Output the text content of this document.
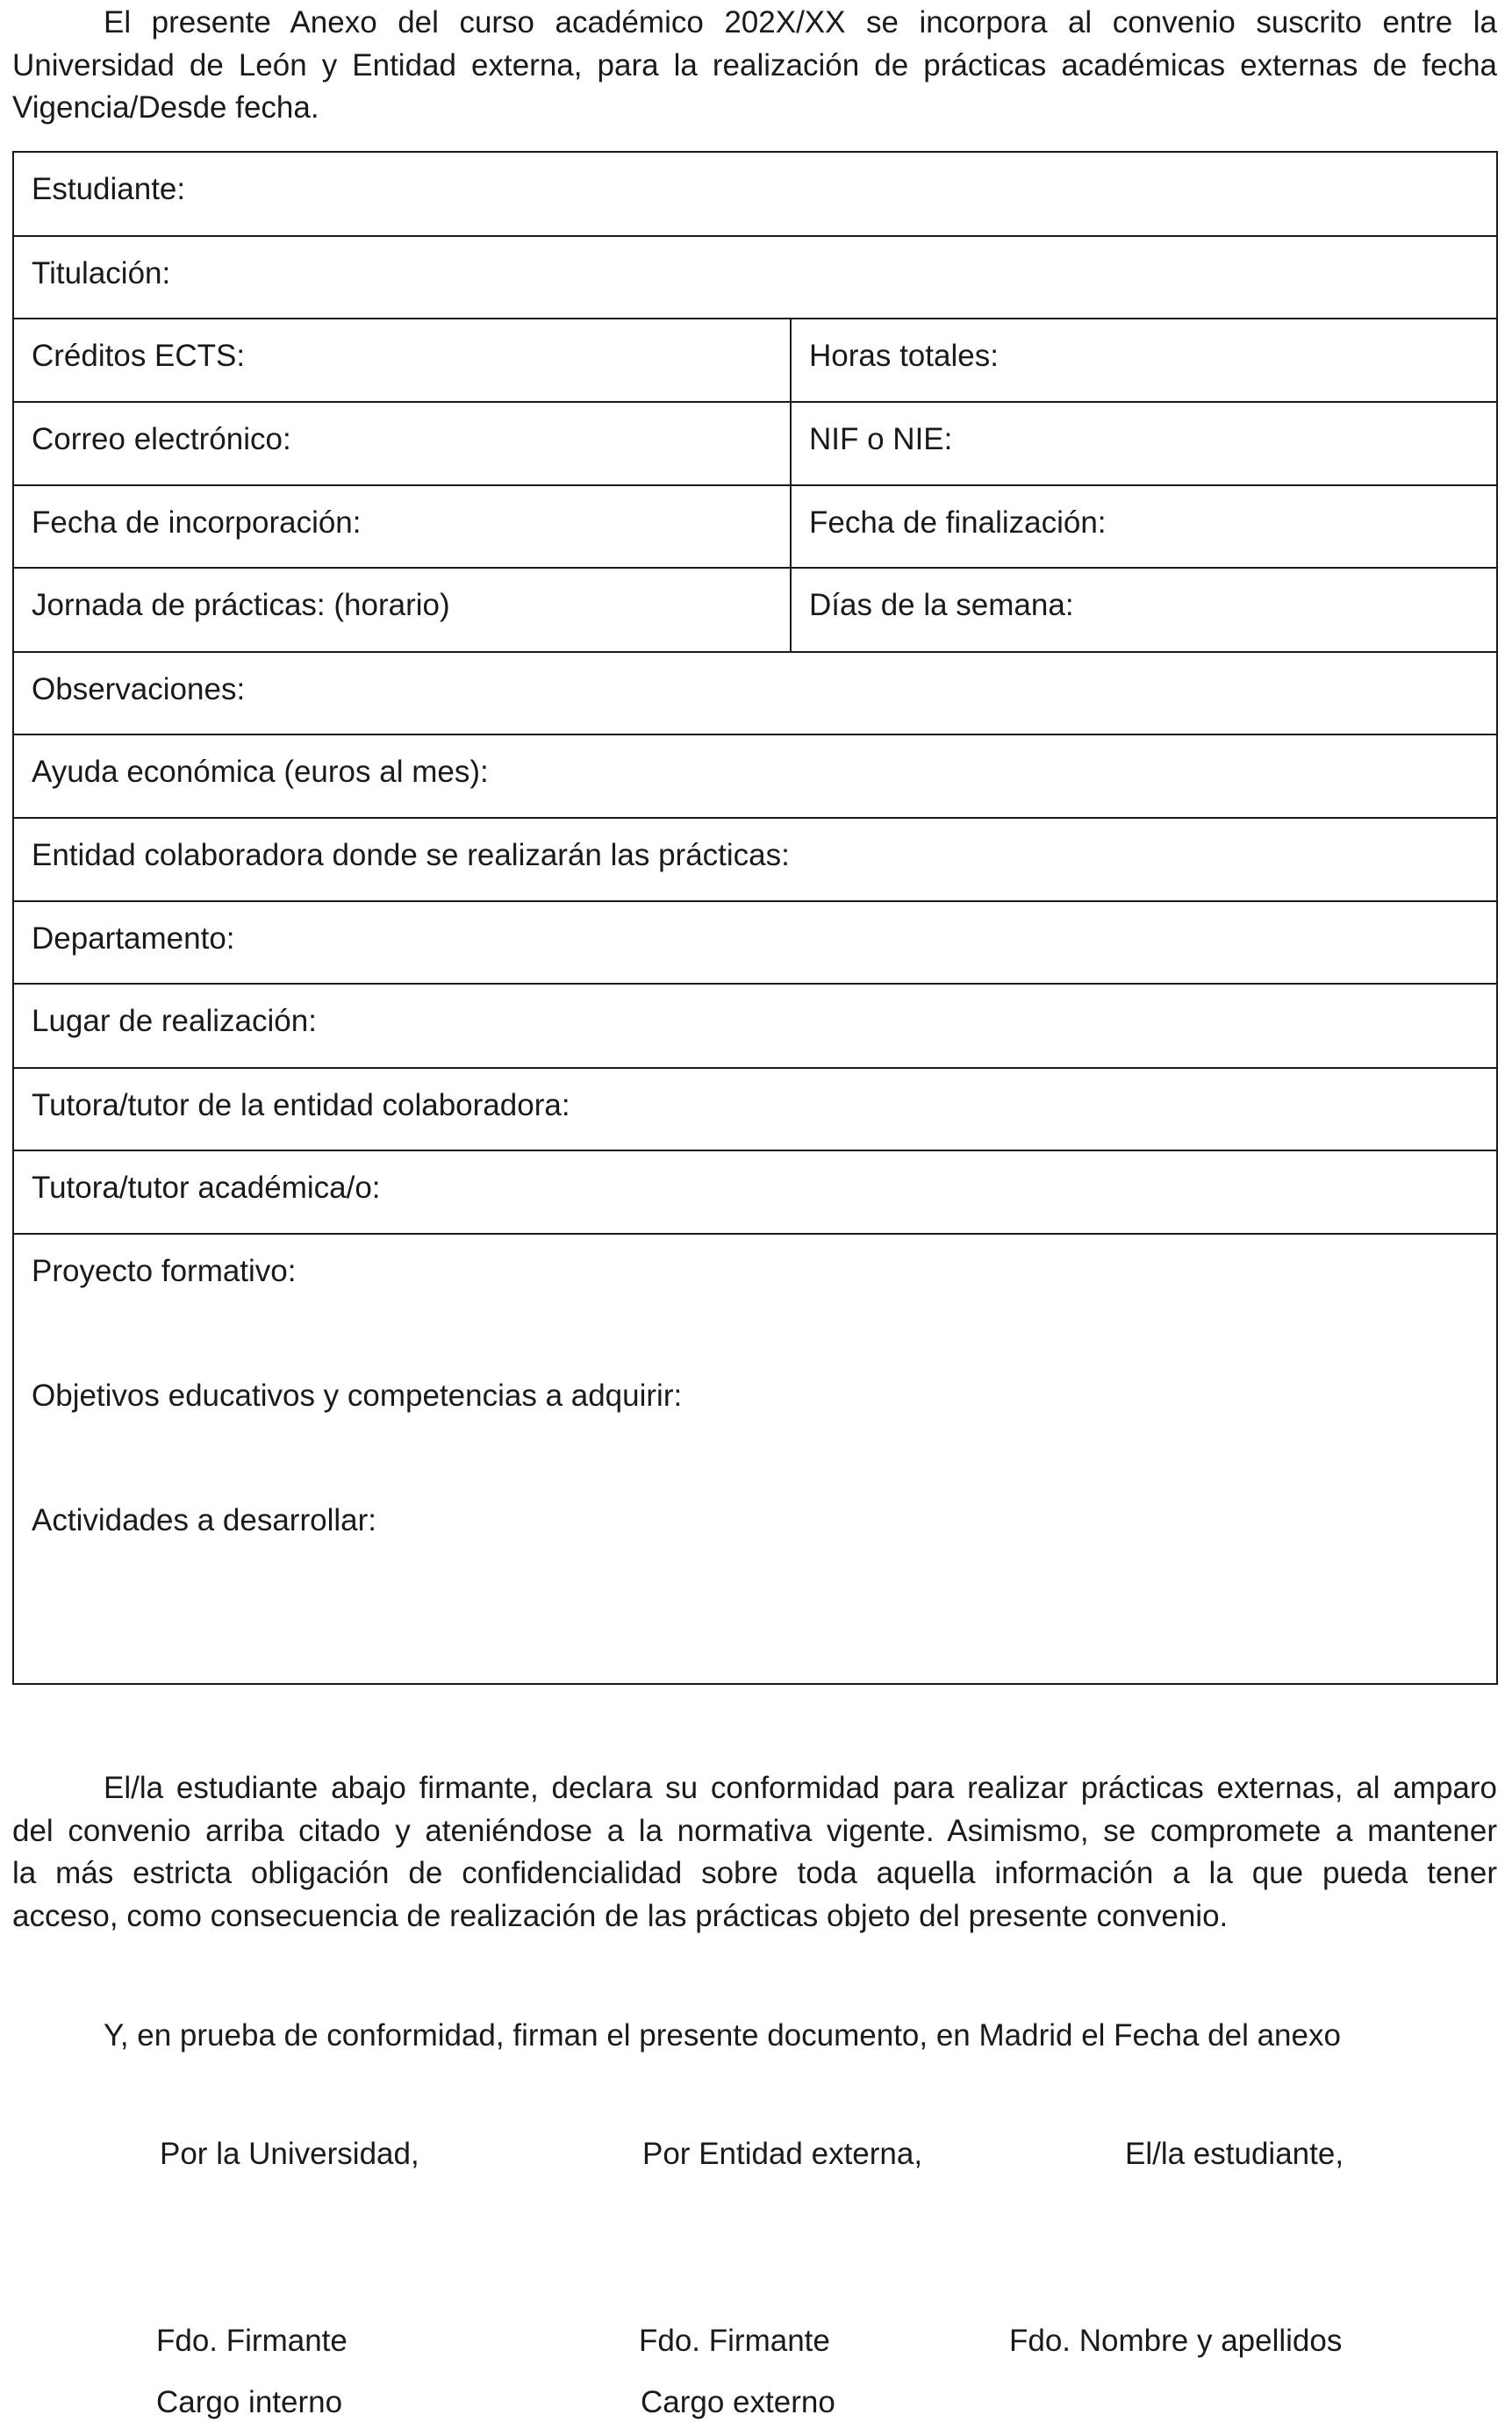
El presente Anexo del curso académico 202X/XX se incorpora al convenio suscrito entre la
Universidad de León y Entidad externa, para la realización de prácticas académicas externas de fecha
Vigencia/Desde fecha.
Estudiante:
Titulación:
Créditos ECTS:	Horas totales:
Correo electrónico:	NIF o NIE:
Fecha de incorporación:	Fecha de finalización:
Jornada de prácticas: (horario)	Días de la semana:
Observaciones:
Ayuda económica (euros al mes):
Entidad colaboradora donde se realizarán las prácticas:
Departamento:
Lugar de realización:
Tutora/tutor de la entidad colaboradora:
Tutora/tutor académica/o:
Proyecto formativo:
Objetivos educativos y competencias a adquirir:
Actividades a desarrollar:
El/la estudiante abajo firmante, declara su conformidad para realizar prácticas externas, al amparo
del convenio arriba citado y ateniéndose a la normativa vigente. Asimismo, se compromete a mantener
la más estricta obligación de confidencialidad sobre toda aquella información a la que pueda tener
acceso, como consecuencia de realización de las prácticas objeto del presente convenio.
Y, en prueba de conformidad, firman el presente documento, en Madrid el Fecha del anexo
Por la Universidad,	Por Entidad externa,	El/la estudiante,
Fdo. Firmante	Fdo. Firmante	Fdo. Nombre y apellidos
Cargo interno	Cargo externo
